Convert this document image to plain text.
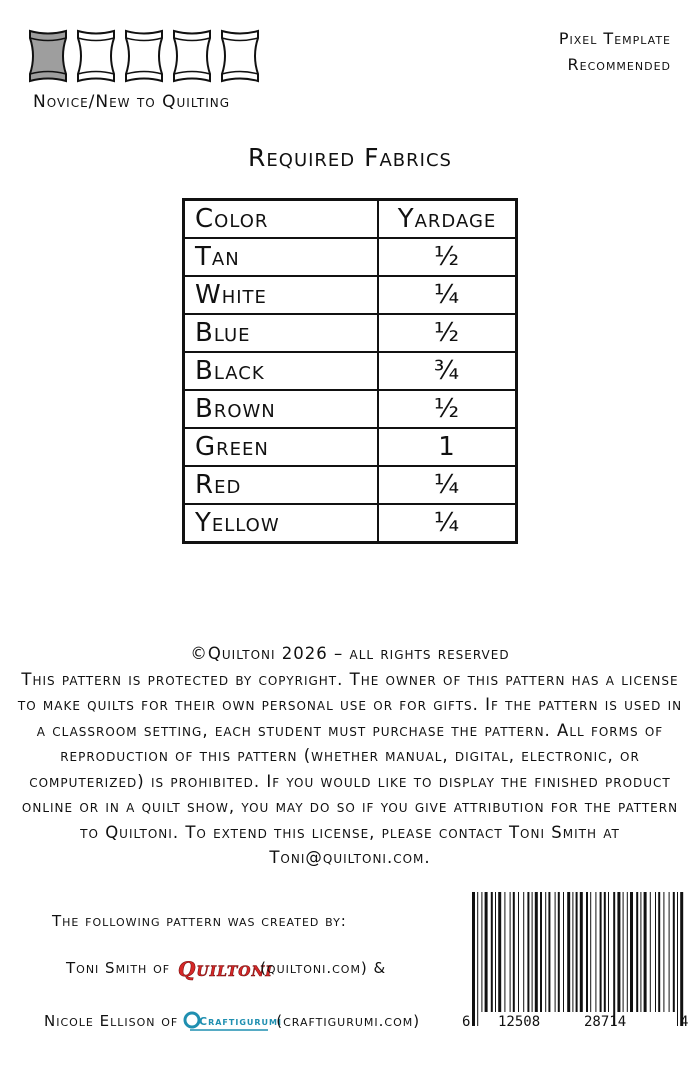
Novice/New to Quilting
Pixel Template
Recommended
Required Fabrics
Color	Yardage
Tan	½
White	¼
Blue	½
Black	¾
Brown	½
Green	1
Red	¼
Yellow	¼
©Quiltoni 2026 – all rights reserved
This pattern is protected by copyright. The owner of this pattern has a license to make quilts for their own personal use or for gifts. If the pattern is used in a classroom setting, each student must purchase the pattern. All forms of reproduction of this pattern (whether manual, digital, electronic, or computerized) is prohibited. If you would like to display the finished product online or in a quilt show, you may do so if you give attribution for the pattern to Quiltoni. To extend this license, please contact Toni Smith at Toni@quiltoni.com.
The following pattern was created by:
Toni Smith of Quiltoni
(quiltoni.com) &
Nicole Ellison of Craftigurumi
(craftigurumi.com)	6 12508	28714	4
